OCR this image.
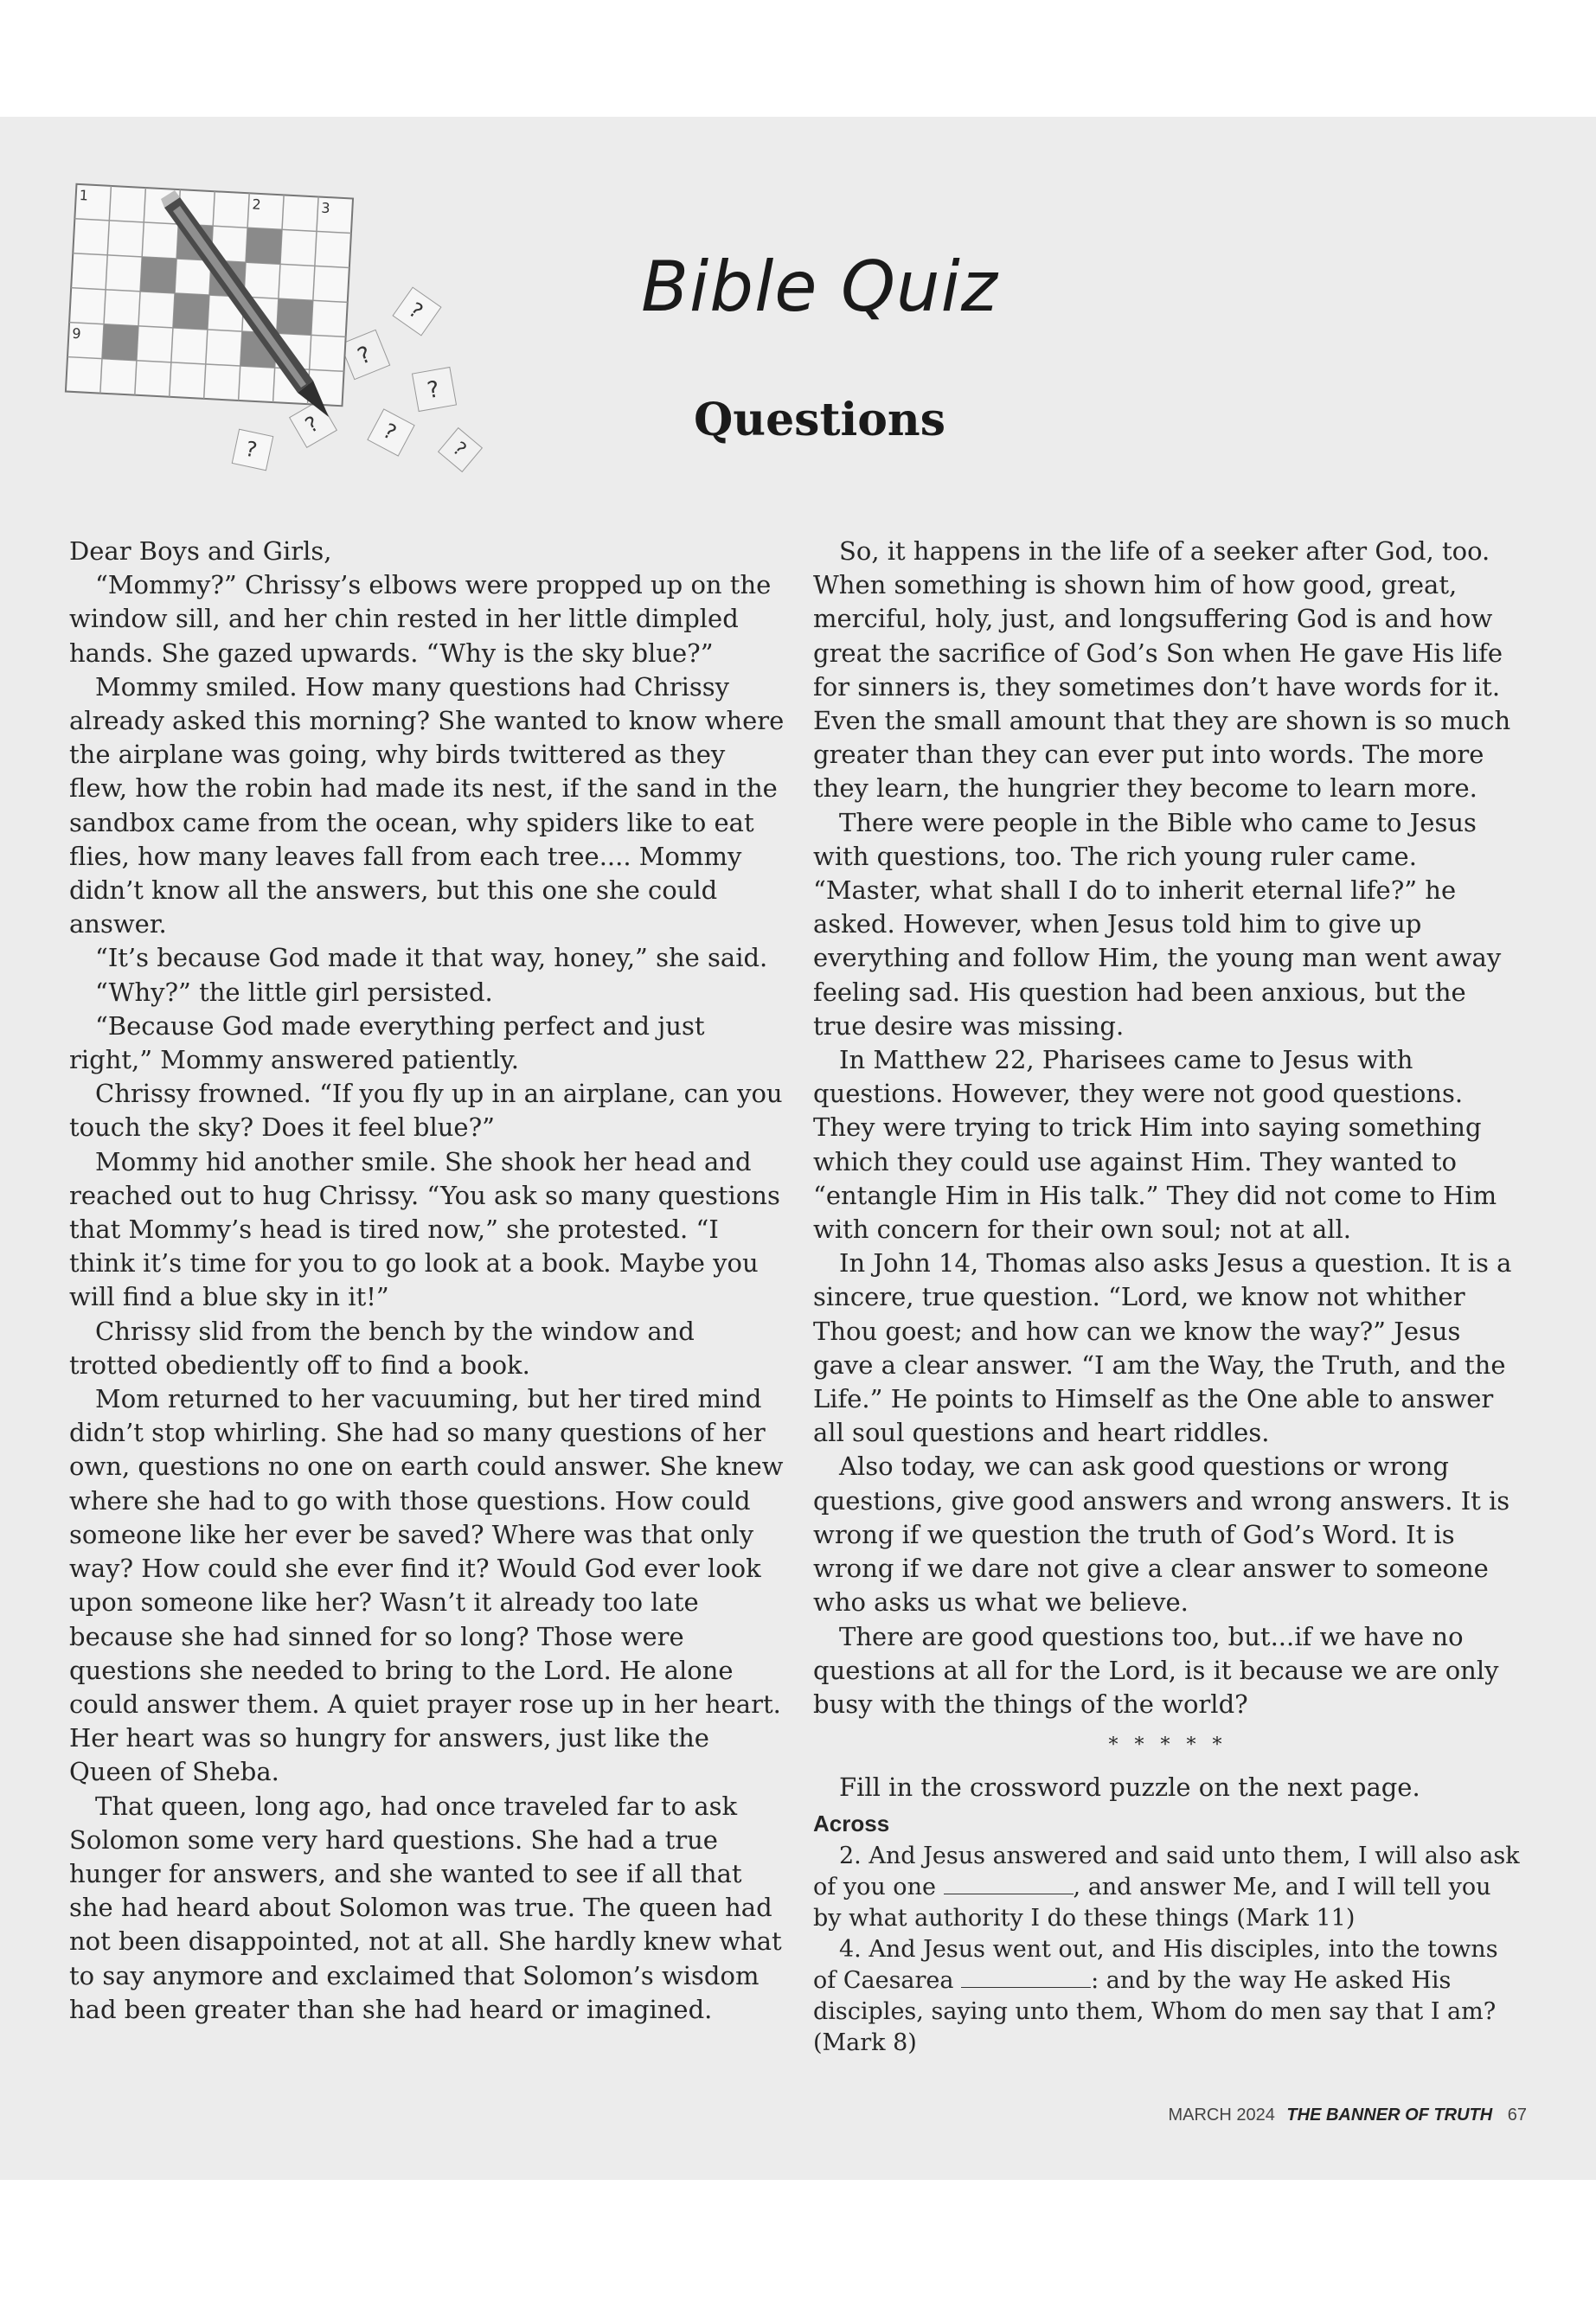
?
?
?
?
?
?	?
1
2	3
9
Bible Quiz
Questions

Dear Boys and Girls,

“Mommy?” Chrissy’s elbows were propped up on the window sill, and her chin rested in her little dimpled hands. She gazed upwards. “Why is the sky blue?”

Mommy smiled. How many questions had Chrissy already asked this morning? She wanted to know where the airplane was going, why birds twittered as they flew, how the robin had made its nest, if the sand in the sandbox came from the ocean, why spiders like to eat flies, how many leaves fall from each tree.... Mommy didn’t know all the answers, but this one she could answer.

“It’s because God made it that way, honey,” she said.

“Why?” the little girl persisted.

“Because God made everything perfect and just right,” Mommy answered patiently.

Chrissy frowned. “If you fly up in an airplane, can you touch the sky? Does it feel blue?”

Mommy hid another smile. She shook her head and reached out to hug Chrissy. “You ask so many questions that Mommy’s head is tired now,” she protested. “I think it’s time for you to go look at a book. Maybe you will find a blue sky in it!”

Chrissy slid from the bench by the window and trotted obediently off to find a book.

Mom returned to her vacuuming, but her tired mind didn’t stop whirling. She had so many questions of her own, questions no one on earth could answer. She knew where she had to go with those questions. How could someone like her ever be saved? Where was that only way? How could she ever find it? Would God ever look upon someone like her? Wasn’t it already too late because she had sinned for so long? Those were questions she needed to bring to the Lord. He alone could answer them. A quiet prayer rose up in her heart. Her heart was so hungry for answers, just like the Queen of Sheba.

That queen, long ago, had once traveled far to ask Solomon some very hard questions. She had a true hunger for answers, and she wanted to see if all that she had heard about Solomon was true. The queen had not been disappointed, not at all. She hardly knew what to say anymore and exclaimed that Solomon’s wisdom had been greater than she had heard or imagined.

So, it happens in the life of a seeker after God, too. When something is shown him of how good, great, merciful, holy, just, and longsuffering God is and how great the sacrifice of God’s Son when He gave His life for sinners is, they sometimes don’t have words for it. Even the small amount that they are shown is so much greater than they can ever put into words. The more they learn, the hungrier they become to learn more.

There were people in the Bible who came to Jesus with questions, too. The rich young ruler came. “Master, what shall I do to inherit eternal life?” he asked. However, when Jesus told him to give up everything and follow Him, the young man went away feeling sad. His question had been anxious, but the true desire was missing.

In Matthew 22, Pharisees came to Jesus with questions. However, they were not good questions. They were trying to trick Him into saying something which they could use against Him. They wanted to “entangle Him in His talk.” They did not come to Him with concern for their own soul; not at all.

In John 14, Thomas also asks Jesus a question. It is a sincere, true question. “Lord, we know not whither Thou goest; and how can we know the way?” Jesus gave a clear answer. “I am the Way, the Truth, and the Life.” He points to Himself as the One able to answer all soul questions and heart riddles.

Also today, we can ask good questions or wrong questions, give good answers and wrong answers. It is wrong if we question the truth of God’s Word. It is wrong if we dare not give a clear answer to someone who asks us what we believe.

There are good questions too, but...if we have no questions at all for the Lord, is it because we are only busy with the things of the world?

* * * * *

Fill in the crossword puzzle on the next page.

Across

2. And Jesus answered and said unto them, I will also ask of you one	, and answer Me, and I will tell you by what authority I do these things (Mark 11)

4. And Jesus went out, and His disciples, into the towns of Caesarea	: and by the way He asked His disciples, saying unto them, Whom do men say that I am? (Mark 8)

MARCH 2024 THE BANNER OF TRUTH 67
